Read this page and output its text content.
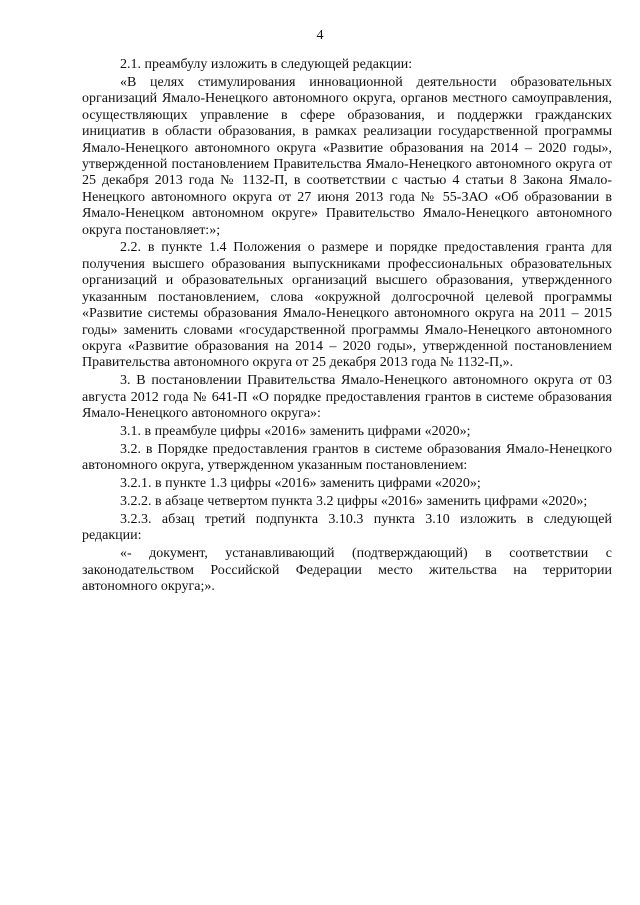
4

2.1. преамбулу изложить в следующей редакции:

«В целях стимулирования инновационной деятельности образовательных организаций Ямало-Ненецкого автономного округа, органов местного самоуправления, осуществляющих управление в сфере образования, и поддержки гражданских инициатив в области образования, в рамках реализации государственной программы Ямало-Ненецкого автономного округа «Развитие образования на 2014 – 2020 годы», утвержденной постановлением Правительства Ямало-Ненецкого автономного округа от 25 декабря 2013 года № 1132-П, в соответствии с частью 4 статьи 8 Закона Ямало-Ненецкого автономного округа от 27 июня 2013 года № 55-ЗАО «Об образовании в Ямало-Ненецком автономном округе» Правительство Ямало-Ненецкого автономного округа постановляет:»;

2.2. в пункте 1.4 Положения о размере и порядке предоставления гранта для получения высшего образования выпускниками профессиональных образовательных организаций и образовательных организаций высшего образования, утвержденного указанным постановлением, слова «окружной долгосрочной целевой программы «Развитие системы образования Ямало-Ненецкого автономного округа на 2011 – 2015 годы» заменить словами «государственной программы Ямало-Ненецкого автономного округа «Развитие образования на 2014 – 2020 годы», утвержденной постановлением Правительства автономного округа от 25 декабря 2013 года № 1132-П,».

3. В постановлении Правительства Ямало-Ненецкого автономного округа от 03 августа 2012 года № 641-П «О порядке предоставления грантов в системе образования Ямало-Ненецкого автономного округа»:

3.1. в преамбуле цифры «2016» заменить цифрами «2020»;

3.2. в Порядке предоставления грантов в системе образования Ямало-Ненецкого автономного округа, утвержденном указанным постановлением:

3.2.1. в пункте 1.3 цифры «2016» заменить цифрами «2020»;

3.2.2. в абзаце четвертом пункта 3.2 цифры «2016» заменить цифрами «2020»;

3.2.3. абзац третий подпункта 3.10.3 пункта 3.10 изложить в следующей редакции:

«- документ, устанавливающий (подтверждающий) в соответствии с законодательством Российской Федерации место жительства на территории автономного округа;».
